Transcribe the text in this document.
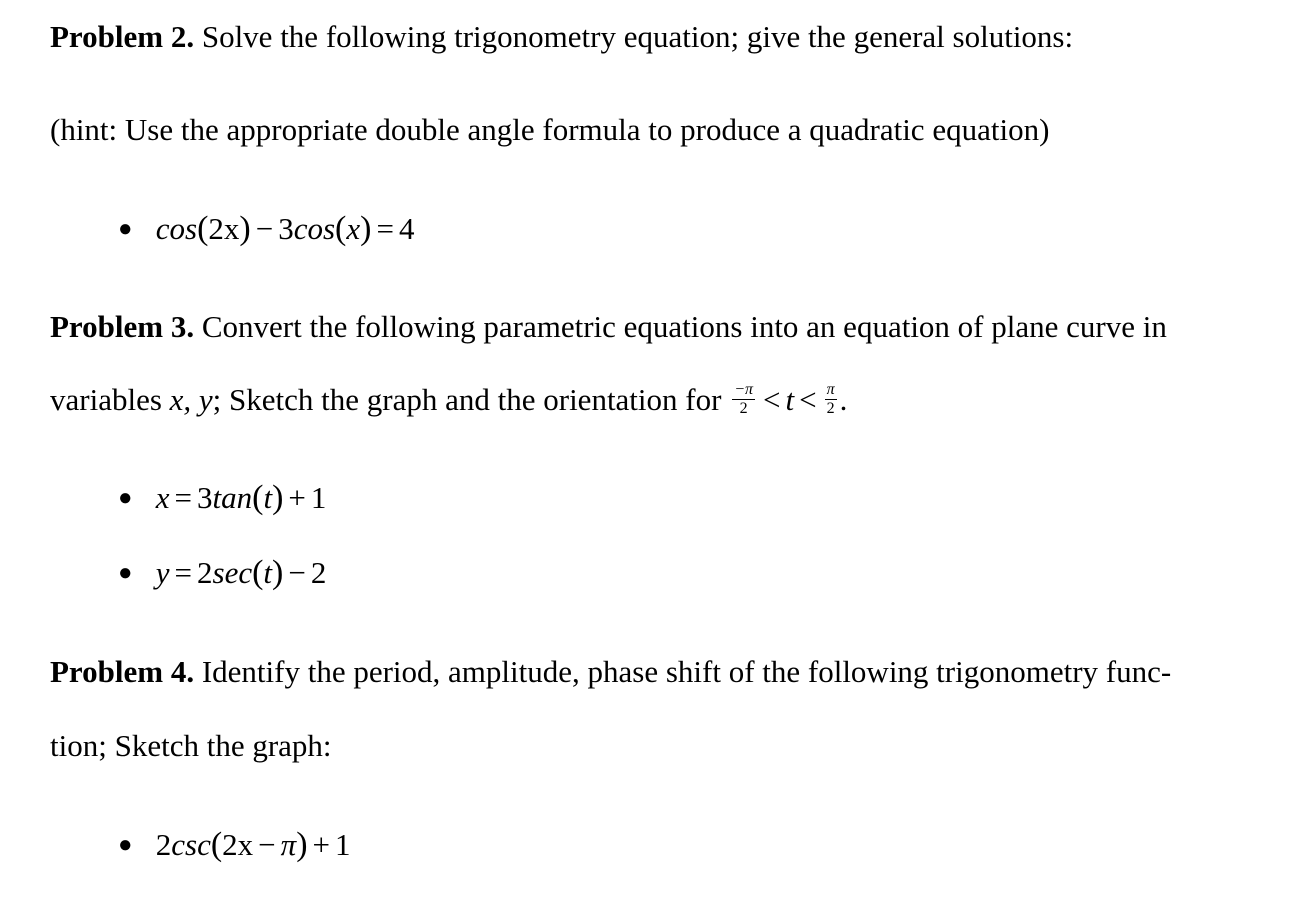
Problem 2. Solve the following trigonometry equation; give the general solutions:
(hint: Use the appropriate double angle formula to produce a quadratic equation)
● cos(2x) − 3cos(x) = 4
Problem 3. Convert the following parametric equations into an equation of plane curve in
variables x, y; Sketch the graph and the orientation for $\frac{-\pi}{2} < t < \frac{\pi}{2}$ .
● x = 3tan(t) + 1
● y = 2sec(t) − 2
Problem 4. Identify the period, amplitude, phase shift of the following trigonometry func-
tion; Sketch the graph:
● 2csc(2x − π) + 1
